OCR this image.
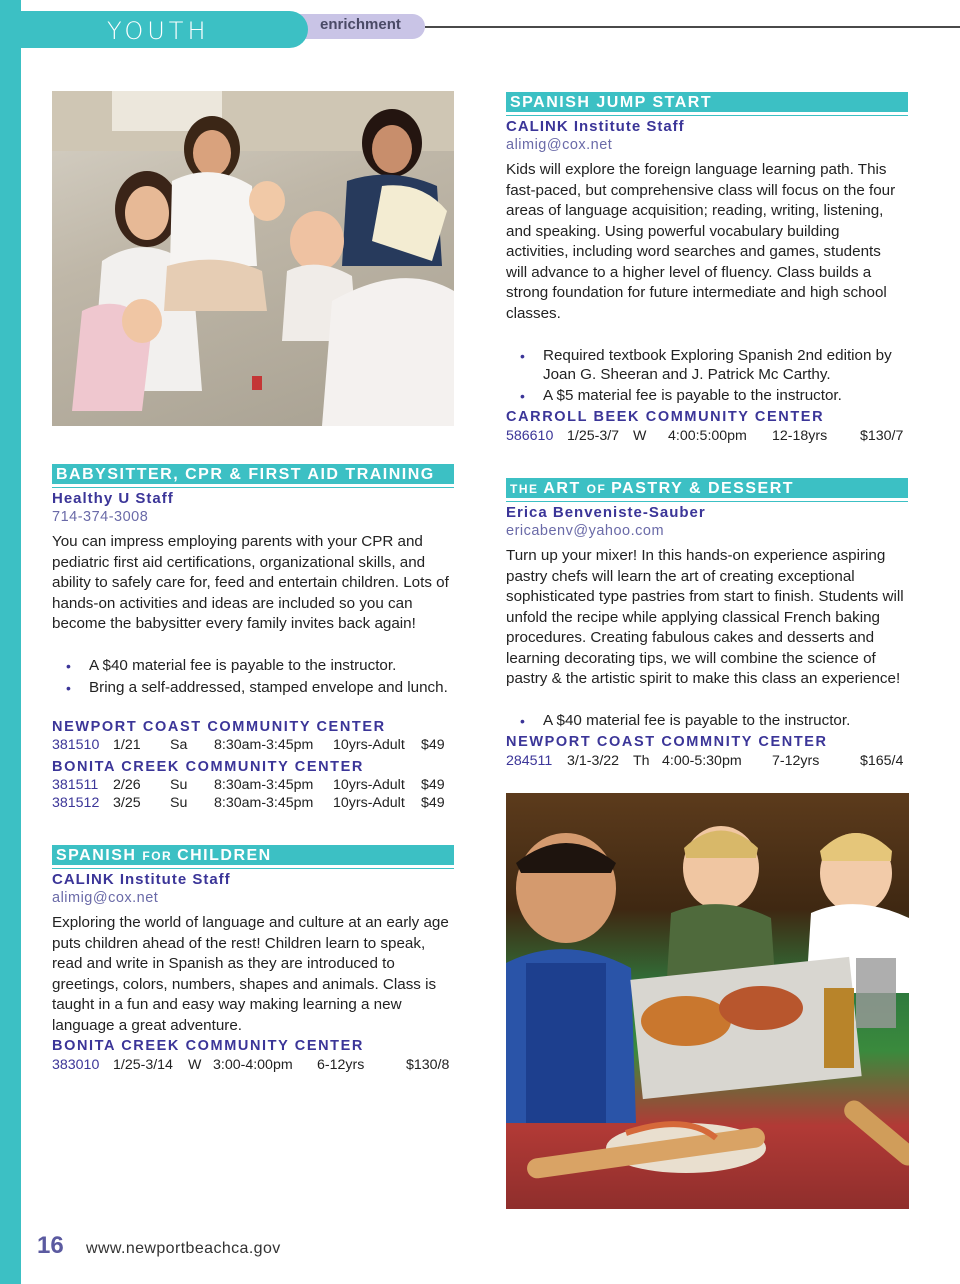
enrichment
YOUTH
BABYSITTER, CPR & FIRST AID TRAINING
Healthy U Staff
714-374-3008

You can impress employing parents with your CPR and pediatric first aid certifications, organizational skills, and ability to safely care for, feed and entertain children. Lots of hands-on activities and ideas are included so you can become the babysitter every family invites back again!

• A $40 material fee is payable to the instructor.
• Bring a self-addressed, stamped envelope and lunch.
NEWPORT COAST COMMUNITY CENTER
381510 1/21 Sa 8:30am-3:45pm 10yrs-Adult $49
BONITA CREEK COMMUNITY CENTER
381511 2/26 Su 8:30am-3:45pm 10yrs-Adult $49
381512 3/25 Su 8:30am-3:45pm 10yrs-Adult $49
SPANISH FOR CHILDREN
CALINK Institute Staff
alimig@cox.net

Exploring the world of language and culture at an early age puts children ahead of the rest! Children learn to speak, read and write in Spanish as they are introduced to greetings, colors, numbers, shapes and animals. Class is taught in a fun and easy way making learning a new language a great adventure.

BONITA CREEK COMMUNITY CENTER
383010 1/25-3/14 W 3:00-4:00pm 6-12yrs	$130/8
SPANISH JUMP START
CALINK Institute Staff
alimig@cox.net

Kids will explore the foreign language learning path. This fast-paced, but comprehensive class will focus on the four areas of language acquisition; reading, writing, listening, and speaking. Using powerful vocabulary building activities, including word searches and games, students will advance to a higher level of fluency. Class builds a strong foundation for future intermediate and high school classes.

• Required textbook Exploring Spanish 2nd edition by Joan G. Sheeran and J. Patrick Mc Carthy.
• A $5 material fee is payable to the instructor.
CARROLL BEEK COMMUNITY CENTER
586610 1/25-3/7 W 4:00:5:00pm 12-18yrs $130/7
THE ART OF PASTRY & DESSERT
Erica Benveniste-Sauber
ericabenv@yahoo.com

Turn up your mixer! In this hands-on experience aspiring pastry chefs will learn the art of creating exceptional sophisticated type pastries from start to finish. Students will unfold the recipe while applying classical French baking procedures. Creating fabulous cakes and desserts and learning decorating tips, we will combine the science of pastry & the artistic spirit to make this class an experience!

• A $40 material fee is payable to the instructor.
NEWPORT COAST COMMNITY CENTER
284511 3/1-3/22 Th 4:00-5:30pm 7-12yrs	$165/4
16 www.newportbeachca.gov
